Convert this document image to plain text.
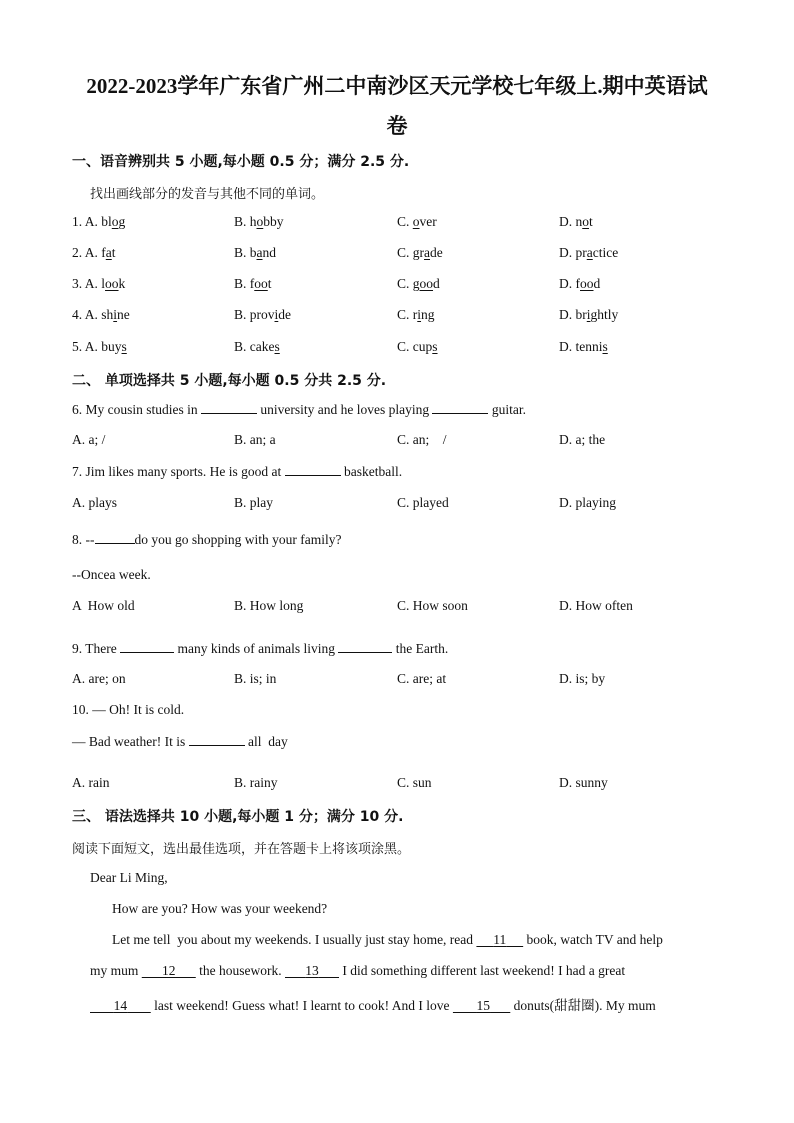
2022-2023学年广东省广州二中南沙区天元学校七年级上.期中英语试
卷
一、语音辨别共 5 小题,每小题 0.5 分；满分 2.5 分.
找出画线部分的发音与其他不同的单词。
1. A. blog	B. hobby	C. over	D. not
2. A. fat	B. band	C. grade	D. practice
3. A. look	B. foot	C. good	D. food
4. A. shine	B. provide	C. ring	D. brightly
5. A. buys	B. cakes	C. cups	D. tennis
二、 单项选择共 5 小题,每小题 0.5 分共 2.5 分.
6. My cousin studies in	university and he loves playing	guitar.
A. a; /	B. an; a	C. an;    /	D. a; the
7. Jim likes many sports. He is good at	basketball.
A. plays	B. play	C. played	D. playing
8. --	do you go shopping with your family?
--Oncea week.
A  How old	B. How long	C. How soon	D. How often
9. There	many kinds of animals living	the Earth.
A. are; on	B. is; in	C. are; at	D. is; by
10. — Oh! It is cold.
— Bad weather! It is	all  day
A. rain	B. rainy	C. sun	D. sunny
三、 语法选择共 10 小题,每小题 1 分；满分 10 分.
阅读下面短文，选出最佳选项，并在答题卡上将该项涂黑。
Dear Li Ming,
How are you? How was your weekend?
Let me tell  you about my weekends. I usually just stay home, read 11 book, watch TV and help
my mum 12 the housework. 13 I did something different last weekend! I had a great
14 last weekend! Guess what! I learnt to cook! And I love 15 donuts(甜甜圈). My mum
